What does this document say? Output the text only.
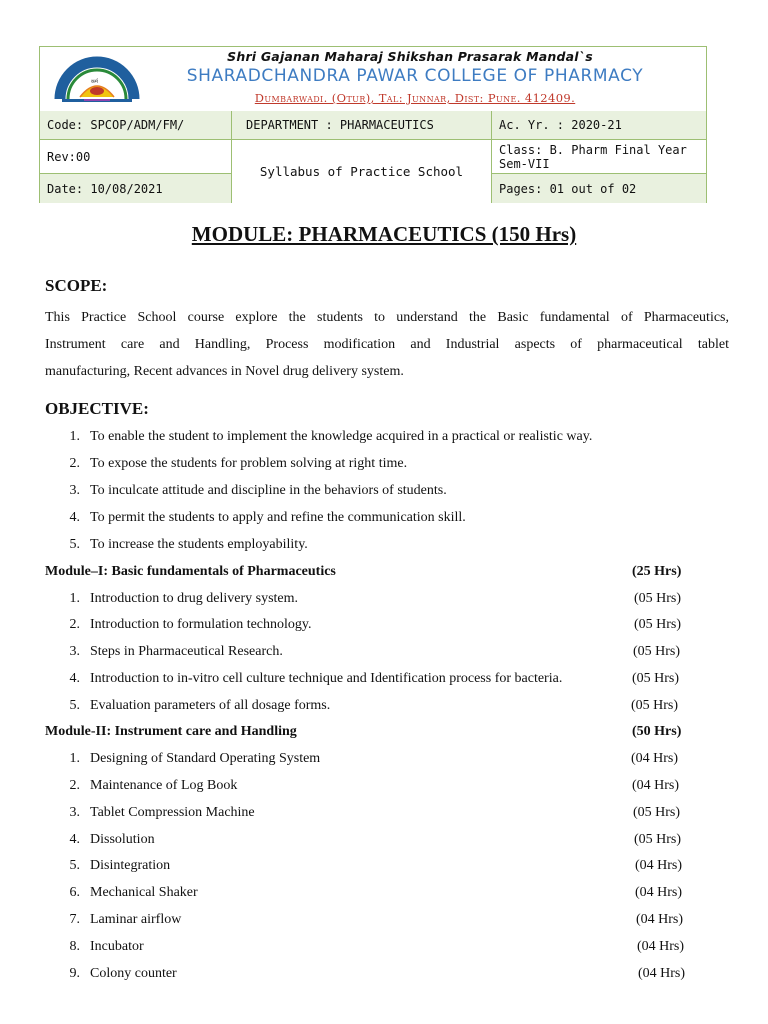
कर्म
Shri Gajanan Maharaj Shikshan Prasarak Mandal`s
SHARADCHANDRA PAWAR COLLEGE OF PHARMACY
Dumbarwadi. (Otur), Tal: Junnar, Dist: Pune. 412409.
Code: SPCOP/ADM/FM/	DEPARTMENT : PHARMACEUTICS	Ac. Yr. : 2020-21
Rev:00	Class: B. Pharm Final Year
Sem-VII
Date: 10/08/2021	Pages: 01 out of 02
Syllabus of Practice School
MODULE: PHARMACEUTICS (150 Hrs)
SCOPE:
This Practice School course explore the students to understand the Basic fundamental of Pharmaceutics,
Instrument care and Handling, Process modification and Industrial aspects of pharmaceutical tablet
manufacturing, Recent advances in Novel drug delivery system.
OBJECTIVE:
1. To enable the student to implement the knowledge acquired in a practical or realistic way.
2. To expose the students for problem solving at right time.
3. To inculcate attitude and discipline in the behaviors of students.
4. To permit the students to apply and refine the communication skill.
5. To increase the students employability.
Module–I: Basic fundamentals of Pharmaceutics	(25 Hrs)
1. Introduction to drug delivery system.	(05 Hrs)
2. Introduction to formulation technology.	(05 Hrs)
3. Steps in Pharmaceutical Research.	(05 Hrs)
4. Introduction to in-vitro cell culture technique and Identification process for bacteria.	(05 Hrs)
5. Evaluation parameters of all dosage forms.	(05 Hrs)
Module-II: Instrument care and Handling	(50 Hrs)
1. Designing of Standard Operating System	(04 Hrs)
2. Maintenance of Log Book	(04 Hrs)
3. Tablet Compression Machine	(05 Hrs)
4. Dissolution	(05 Hrs)
5. Disintegration	(04 Hrs)
6. Mechanical Shaker	(04 Hrs)
7. Laminar airflow	(04 Hrs)
8. Incubator	(04 Hrs)
9. Colony counter	(04 Hrs)
